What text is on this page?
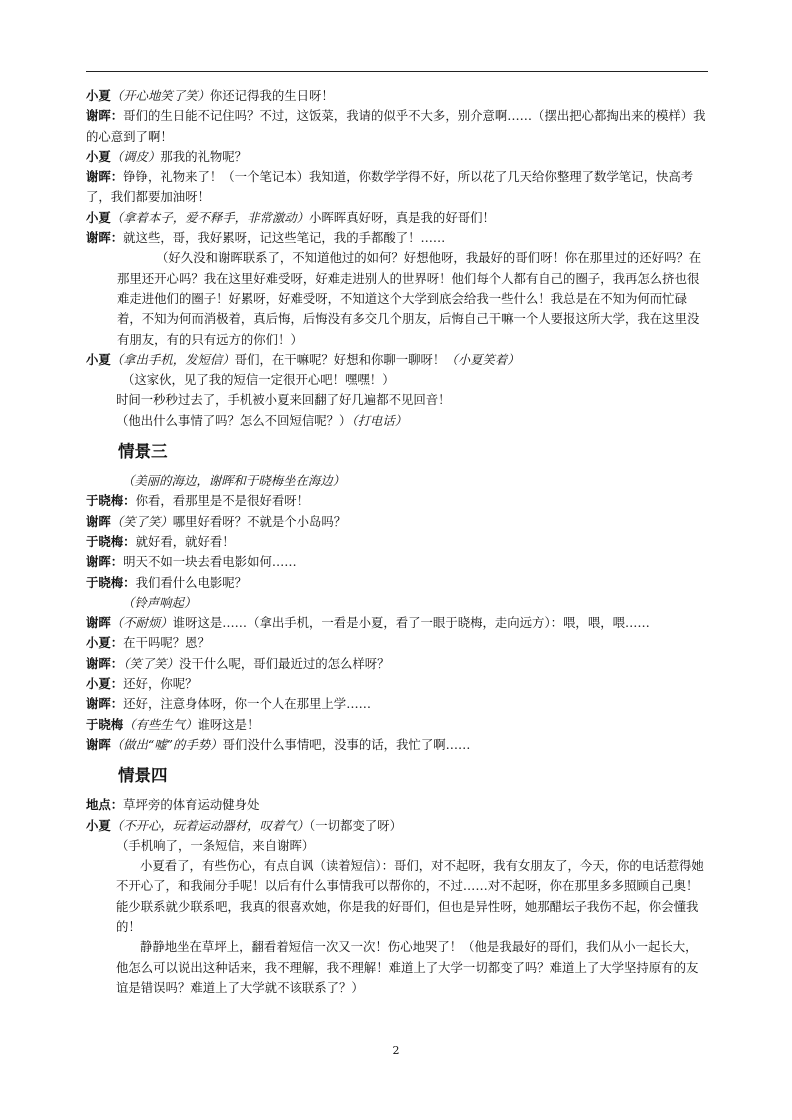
小夏（开心地笑了笑）你还记得我的生日呀！
谢晖：哥们的生日能不记住吗？不过，这饭菜，我请的似乎不大多，别介意啊……（摆出把心都掏出来的模样）我的心意到了啊！
小夏（调皮）那我的礼物呢？
谢晖：铮铮，礼物来了！（一个笔记本）我知道，你数学学得不好，所以花了几天给你整理了数学笔记，快高考了，我们都要加油呀！
小夏（拿着本子，爱不释手，非常激动）小晖晖真好呀，真是我的好哥们！
谢晖：就这些，哥，我好累呀，记这些笔记，我的手都酸了！……
（好久没和谢晖联系了，不知道他过的如何？好想他呀，我最好的哥们呀！你在那里过的还好吗？在那里还开心吗？我在这里好难受呀，好难走进别人的世界呀！他们每个人都有自己的圈子，我再怎么挤也很难走进他们的圈子！好累呀，好难受呀，不知道这个大学到底会给我一些什么！我总是在不知为何而忙碌着，不知为何而消极着，真后悔，后悔没有多交几个朋友，后悔自己干嘛一个人要报这所大学，我在这里没有朋友，有的只有远方的你们！）
小夏（拿出手机，发短信）哥们，在干嘛呢？好想和你聊一聊呀！（小夏笑着）
（这家伙，见了我的短信一定很开心吧！嘿嘿！）
时间一秒秒过去了，手机被小夏来回翻了好几遍都不见回音！
（他出什么事情了吗？怎么不回短信呢？）（打电话）
情景三
（美丽的海边，谢晖和于晓梅坐在海边）
于晓梅：你看，看那里是不是很好看呀！
谢晖（笑了笑）哪里好看呀？不就是个小岛吗？
于晓梅：就好看，就好看！
谢晖：明天不如一块去看电影如何……
于晓梅：我们看什么电影呢？
（铃声响起）
谢晖（不耐烦）谁呀这是……（拿出手机，一看是小夏，看了一眼于晓梅，走向远方）：喂，喂，喂……
小夏：在干吗呢？恩？
谢晖：（笑了笑）没干什么呢，哥们最近过的怎么样呀？
小夏：还好，你呢？
谢晖：还好，注意身体呀，你一个人在那里上学……
于晓梅（有些生气）谁呀这是！
谢晖（做出“嘘”的手势）哥们没什么事情吧，没事的话，我忙了啊……
情景四
地点：草坪旁的体育运动健身处
小夏（不开心，玩着运动器材，叹着气）（一切都变了呀）
（手机响了，一条短信，来自谢晖）
小夏看了，有些伤心，有点自讽（读着短信）：哥们，对不起呀，我有女朋友了，今天，你的电话惹得她不开心了，和我闹分手呢！以后有什么事情我可以帮你的，不过……对不起呀，你在那里多多照顾自己奥！能少联系就少联系吧，我真的很喜欢她，你是我的好哥们，但也是异性呀，她那醋坛子我伤不起，你会懂我的！
静静地坐在草坪上，翻看着短信一次又一次！伤心地哭了！（他是我最好的哥们，我们从小一起长大，他怎么可以说出这种话来，我不理解，我不理解！难道上了大学一切都变了吗？难道上了大学坚持原有的友谊是错误吗？难道上了大学就不该联系了？）
2
